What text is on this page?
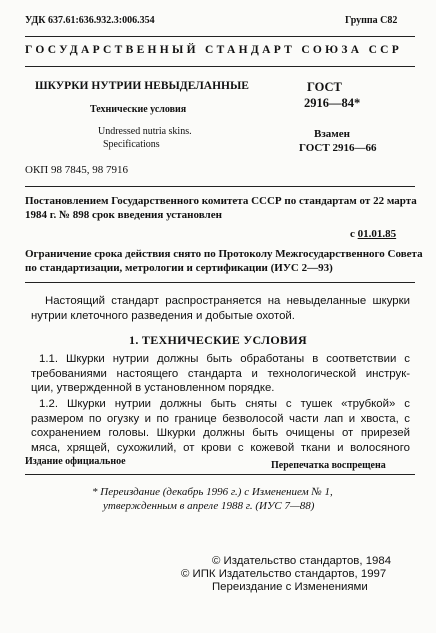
УДК 637.61:636.932.3:006.354	Группа С82
ГОСУДАРСТВЕННЫЙ СТАНДАРТ СОЮЗА ССР
ШКУРКИ НУТРИИ НЕВЫДЕЛАННЫЕ
Технические условия
Undressed nutria skins.
Specifications
ГОСТ
2916—84*
Взамен
ГОСТ 2916—66
ОКП 98 7845, 98 7916
Постановлением Государственного комитета СССР по стандартам от 22 марта
1984 г. № 898 срок введения установлен
с 01.01.85
Ограничение срока действия снято по Протоколу Межгосударственного Совета
по стандартизации, метрологии и сертификации (ИУС 2—93)
Настоящий стандарт распространяется на невыделанные шкурки
нутрии клеточного разведения и добытые охотой.
1. ТЕХНИЧЕСКИЕ УСЛОВИЯ
1.1. Шкурки нутрии должны быть обработаны в соответствии с
требованиями настоящего стандарта и технологической инструк-
ции, утвержденной в установленном порядке.
1.2. Шкурки нутрии должны быть сняты с тушек «трубкой» с
размером по огузку и по границе безволосой части лап и хвоста, с
сохранением головы. Шкурки должны быть очищены от прирезей
мяса, хрящей, сухожилий, от крови с кожевой ткани и волосяного
Издание официальное	Перепечатка воспрещена
* Переиздание (декабрь 1996 г.) с Изменением № 1,
утвержденным в апреле 1988 г. (ИУС 7—88)
© Издательство стандартов, 1984
© ИПК Издательство стандартов, 1997
Переиздание с Изменениями
